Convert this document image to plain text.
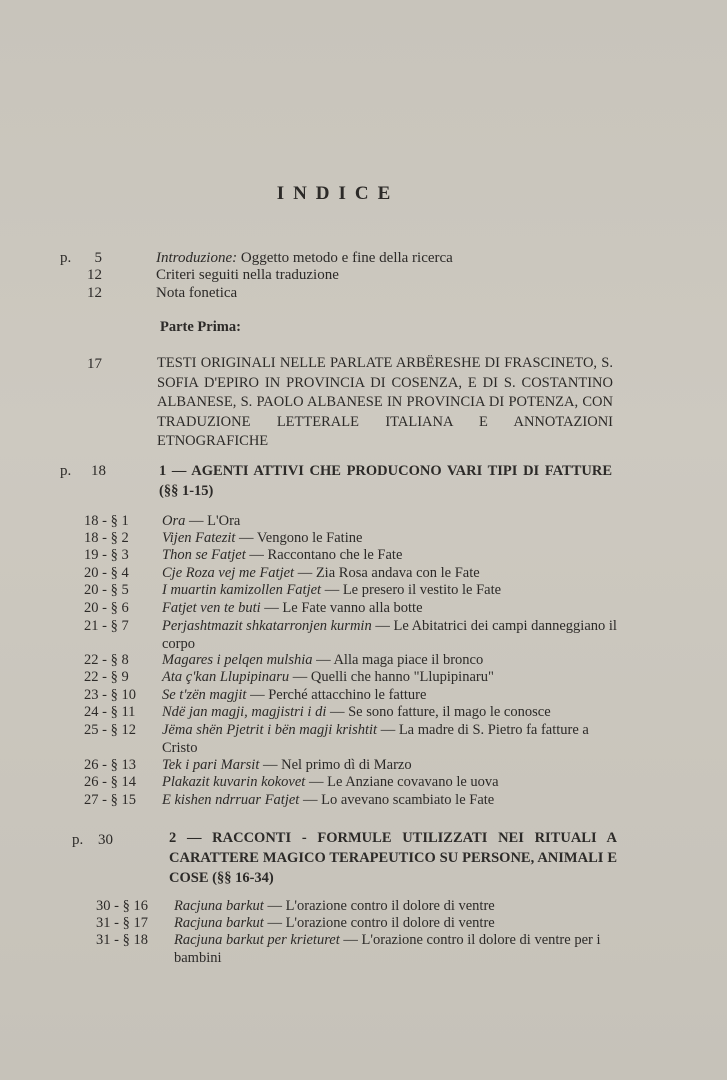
INDICE
p.	5	Introduzione: Oggetto metodo e fine della ricerca
12	Criteri seguiti nella traduzione
12	Nota fonetica
Parte Prima:
17	TESTI ORIGINALI NELLE PARLATE ARBËRESHE DI FRASCINETO, S. SOFIA D'EPIRO IN PROVINCIA DI COSENZA, E DI S. COSTANTINO ALBANESE, S. PAOLO ALBANESE IN PROVINCIA DI POTENZA, CON TRADUZIONE LETTERALE ITALIANA E ANNOTAZIONI ETNOGRAFICHE
p.	18	1 — AGENTI ATTIVI CHE PRODUCONO VARI TIPI DI FATTURE (§§ 1-15)
18 - § 1	Ora — L'Ora
18 - § 2	Vijen Fatezit — Vengono le Fatine
19 - § 3	Thon se Fatjet — Raccontano che le Fate
20 - § 4	Cje Roza vej me Fatjet — Zia Rosa andava con le Fate
20 - § 5	I muartin kamizollen Fatjet — Le presero il vestito le Fate
20 - § 6	Fatjet ven te buti — Le Fate vanno alla botte
21 - § 7	Perjashtmazit shkatarronjen kurmin — Le Abitatrici dei campi danneggiano il corpo
22 - § 8	Magares i pelqen mulshia — Alla maga piace il bronco
22 - § 9	Ata ç'kan Llupipinaru — Quelli che hanno "Llupipinaru"
23 - § 10	Se t'zën magjit — Perché attacchino le fatture
24 - § 11	Ndë jan magji, magjistri i di — Se sono fatture, il mago le conosce
25 - § 12	Jëma shën Pjetrit i bën magji krishtit — La madre di S. Pietro fa fatture a Cristo
26 - § 13	Tek i pari Marsit — Nel primo dì di Marzo
26 - § 14	Plakazit kuvarin kokovet — Le Anziane covavano le uova
27 - § 15	E kishen ndrruar Fatjet — Lo avevano scambiato le Fate
p. 30	2 — RACCONTI - FORMULE UTILIZZATI NEI RITUALI A CARATTERE MAGICO TERAPEUTICO SU PERSONE, ANIMALI E COSE (§§ 16-34)
30 - § 16	Racjuna barkut — L'orazione contro il dolore di ventre
31 - § 17	Racjuna barkut — L'orazione contro il dolore di ventre
31 - § 18	Racjuna barkut per krieturet — L'orazione contro il dolore di ventre per i bambini
